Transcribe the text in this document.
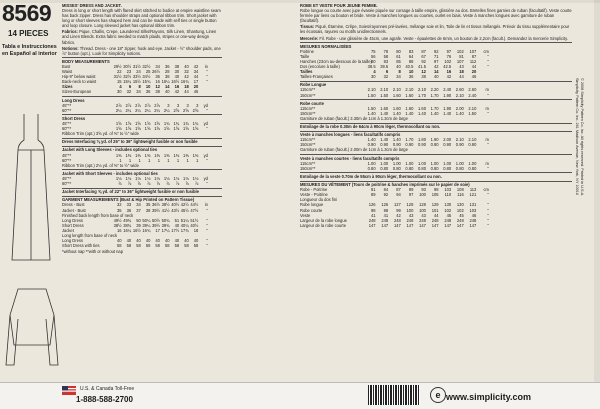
8569
14 PIECES
Tabla e Instrucciones en Español al interior

MISSES' DRESS AND JACKET.
Dress in long or short length with flared skirt stitched to bodice at empire waistline seam has back zipper. Dress has shoulder straps and optional ribbon trim. Short jacket with long or short sleeves has shaped hem and can be made with self ties or single button and loop closure. Long sleeved jacket has optional ribbon trim.

Fabrics: Pique, Challis, Crepe, Laundered Silks/Rayons, Silk Linen, Shantung, Linen and Linen Blends. Extra fabric needed to match plaids, stripes or one-way design fabrics.

Notions: Thread. Dress - one 18" zipper, hook and eye. Jacket - ½" shoulder pads, one ⅞" button (opt.). Look for Simplicity notions.

BODY MEASUREMENTS
Bust	29½ 30½ 31½ 32½	34	36	38	40	42	in
Waist	22	23	24	25 26½	28	30	32	34	"
Hip-9" below waist	31½ 32½ 33½ 34½	36	38	40	42	44	"
Back-neck to waist	15 15¼ 15½ 15¾	16 16¼ 16½ 16¾	17	"
Sizes	4	6	8	10	12	14	16	18	20
Sizes-European	30	32	34	36	38	40	42	44	46
Long Dress
45"**	2⅞ 2⅞ 2⅞ 2⅞ 2⅞	3	3	3	3	yd
60"**	2¼ 2¼ 2¼ 2¼ 2¼ 2¼ 2⅝ 2⅝ 2⅝	"
Short Dress
45"**	1⅝ 1⅝ 1⅝ 1⅝ 1⅝ 1¾ 1¾ 1¾ 1¾	yd
60"**	1⅝ 1⅝ 1⅝ 1⅝ 1⅝ 1⅝ 1⅝ 1⅝ 1⅝	"
Ribbon Trim (opt.) 3⅝ yd. of ⅜" to ½" wide
Dress Interfacing ⅜ yd. of 25" to 36" lightweight fusible or non fusible
Jacket with Long Sleeves - includes optional ties
45"**	1⅜ 1⅜ 1⅜ 1⅜ 1⅜ 1⅜ 1⅜ 1⅜ 1⅜	yd
60"**	1	1	1	1	1	1	1	1	1	"
Ribbon Trim (opt.) 2⅛ yd. of ⅜" to ½" wide
Jacket with Short Sleeves - includes optional ties
45"**	1⅛ 1⅛ 1⅛ 1⅛ 1⅛ 1⅛ 1⅛ 1⅛ 1⅛	yd
60"**	⅞	⅞	⅞	⅞	⅞	⅞	⅞	⅞	⅞	"
Jacket Interfacing ⅝ yd. of 22" to 36" lightweight fusible or non fusible
GARMENT MEASUREMENTS (Bust & Hip Printed on Pattern Tissue)
Dress - Bust	32	33	34	35 36½ 38½ 40½ 42½ 44½	in
Jacket - Bust	35	36	37	38 39½ 41½ 43½ 45½ 47½	"
Finished back length from base of neck
Long Dress	49½ 49¾	50 50¼ 50½ 50¾	51 51¼ 51½	"
Short Dress	38½ 38¾	39 39¼ 39½ 39¾	40 40¼ 40½	"
Jacket	16 16¼ 16½ 16¾	17 17¼ 17½ 17¾	18	"
Long length from base of neck
Long Dress	40	40	40	40	40	40	40	40	40	"
Short Dress with ties	58	58	58	58	58	58	58	58	58	"
*without nap **with or without nap

ROBE ET VESTE POUR JEUNE FEMME.
Robe longue ou courte avec jupe évasée piquée sur corsage à taille empire, glissière au dos. Bretelles fines garnies de ruban (facultatif). Veste courte fermée par liens ou bouton et bride. Veste à manches longues ou courtes, ourlet en biais. Veste à manches longues avec garniture de ruban (facultatif).

Tissus: Piqué, Étamine, Crêpe, Soies/rayonnes pré-lavées, mélange soie et lin, Toile de lin et tissus mélangés. Prévoir du tissu supplémentaire pour les écossais, rayures ou motifs unidirectionnels.

Mercerie: Fil. Robe - une glissière de 45cm, une agrafe. Veste - épaulettes de 6mm, un bouton de 2,2cm (facult.). Demandez la mercerie Simplicity.

MESURES NORMALISÉES
Poitrine	75	78	80	83	87	92	97	102	107	cm
Taille	56	58	61	64	67	71	76	81	87	"
Hanches (23cm au-dessous de la taille) 80	83	85	88	92	97	102	107	112	"
Dos (encolure à taille)	38.5	39.5	40	40.5	41.5	42	42.5	43	44	"
Tailles	4	6	8	10	12	14	16	18	20
Tailles-Françaises	30	32	34	36	38	40	42	44	46
Robe Longue
115cm**	2.10	2.10	2.10	2.10	2.10	2.20	2.40	2.60	2.60	m
150cm**	1.50	1.50	1.60	1.60	1.70	1.70	1.90	2.10	2.40	"
Robe courte
115cm**	1.50	1.60	1.60	1.60	1.60	1.70	1.90	2.00	2.10	m
150cm**	1.40	1.40	1.40	1.40	1.40	1.40	1.40	1.40	1.50	"
Garniture de ruban (facult.) 3.30m de 1cm à 1.3cm de large
Entoilage de la robe 0.30m de 64cm à 90cm léger, thermocollant ou non.
Veste à manches longues - liens facultatifs compris
115cm**	1.40	1.40	1.40	1.70	1.80	1.90	2.00	2.10	2.10	m
150cm**	0.90	0.90	0.90	0.90	0.90	0.90	0.90	0.90	0.90	"
Garniture de ruban (facult.) 2.00m de 1cm à 1.3cm de large
Veste à manches courtes - liens facultatifs compris
115cm**	1.00	1.00	1.00	1.00	1.00	1.00	1.00	1.00	1.00	m
150cm**	0.80	0.80	0.80	0.80	0.80	0.80	0.80	0.80	0.80	"
Entoilage de la veste 0.70m de 55cm à 90cm léger, thermocollant ou non.
MESURES DU VÊTEMENT (Tours de poitrine & hanches imprimés sur le papier de soie)
Robe - Poitrine	81	84	87	89	93	98	103	108	113	cm
Veste - Poitrine	89	92	94	97	100	105	110	116	121	"
Longueur du dos fini
Robe longue	126	126	127	128	128	129	130	130	131	"
Robe courte	98	98	99	100	100	101	102	102	103	"
Veste	41	41	42	43	43	44	45	45	46	"
Largeur de la robe longue	248	248	248	248	248	248	248	248	248	"
Largeur de la robe courte	147	147	147	147	147	147	147	147	147	"
© 2008 Simplicity Pattern Co. Inc. All rights reserved. Printed in U.S.A.
Simplicity Pattern Co. Inc. 261 Madison Avenue, New York, NY 10016
U.S. & Canada Toll-Free
1-888-588-2700	e www.simplicity.com
